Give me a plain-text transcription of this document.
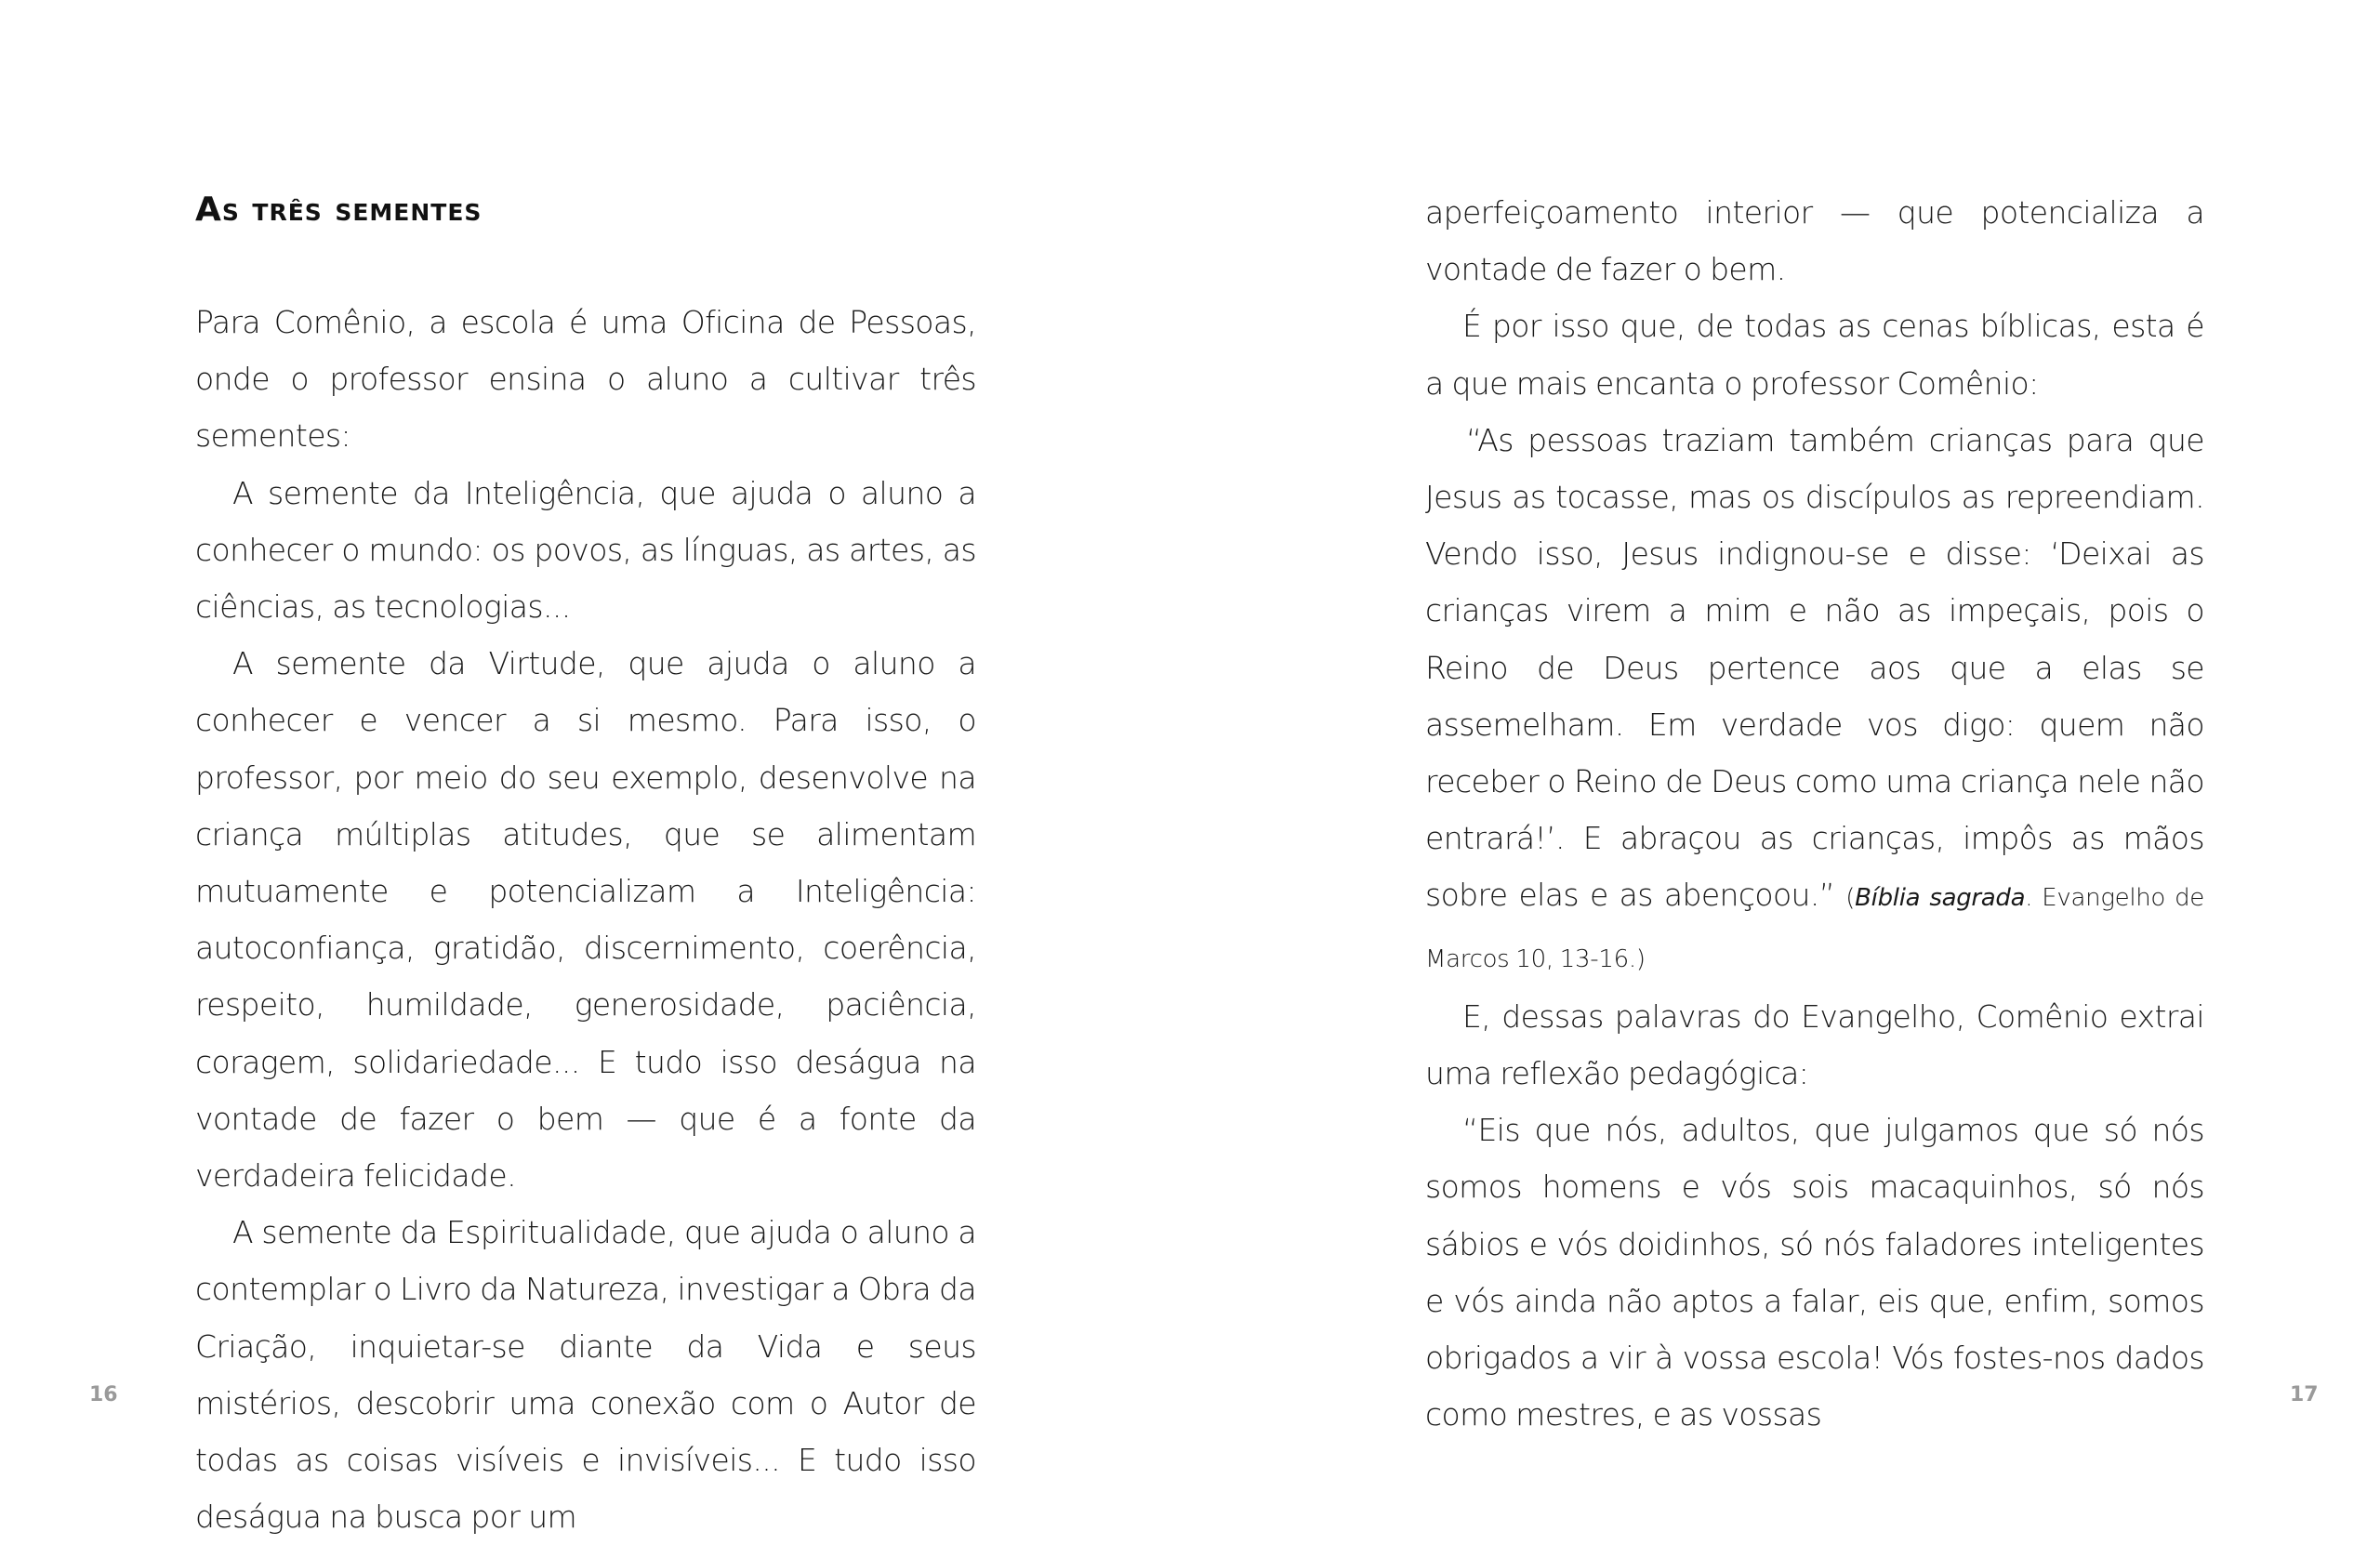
As três sementes

Para Comênio, a escola é uma Oficina de Pessoas, onde o professor ensina o aluno a cultivar três sementes:

A semente da Inteligência, que ajuda o aluno a conhecer o mundo: os povos, as línguas, as artes, as ciências, as tecnologias...

A semente da Virtude, que ajuda o aluno a conhecer e vencer a si mesmo. Para isso, o professor, por meio do seu exemplo, desenvolve na criança múltiplas atitudes, que se alimentam mutuamente e potencializam a Inteligência: autoconfiança, gratidão, discernimento, coerência, respeito, humildade, generosidade, paciência, coragem, solidariedade... E tudo isso deságua na vontade de fazer o bem — que é a fonte da verdadeira felicidade.

A semente da Espiritualidade, que ajuda o aluno a contemplar o Livro da Natureza, investigar a Obra da Criação, inquietar-se diante da Vida e seus mistérios, descobrir uma conexão com o Autor de todas as coisas visíveis e invisíveis... E tudo isso deságua na busca por um

16

aperfeiçoamento interior — que potencializa a vontade de fazer o bem.

É por isso que, de todas as cenas bíblicas, esta é a que mais encanta o professor Comênio:

“As pessoas traziam também crianças para que Jesus as tocasse, mas os discípulos as repreendiam. Vendo isso, Jesus indignou-se e disse: ‘Deixai as crianças virem a mim e não as impeçais, pois o Reino de Deus pertence aos que a elas se assemelham. Em verdade vos digo: quem não receber o Reino de Deus como uma criança nele não entrará!’. E abraçou as crianças, impôs as mãos sobre elas e as abençoou.” (Bíblia sagrada. Evangelho de Marcos 10, 13-16.)

E, dessas palavras do Evangelho, Comênio extrai uma reflexão pedagógica:

“Eis que nós, adultos, que julgamos que só nós somos homens e vós sois macaquinhos, só nós sábios e vós doidinhos, só nós faladores inteligentes e vós ainda não aptos a falar, eis que, enfim, somos obrigados a vir à vossa escola! Vós fostes-nos dados como mestres, e as vossas

17
